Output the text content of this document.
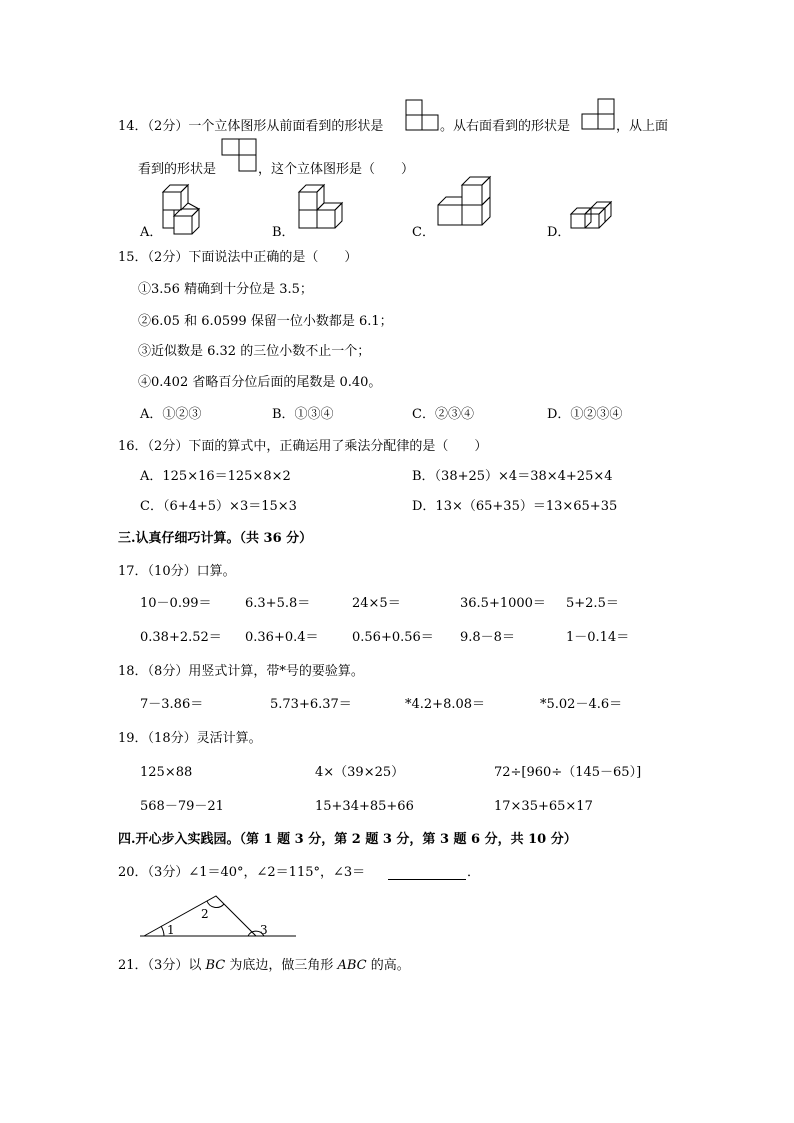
14．（2分）一个立体图形从前面看到的形状是	。从右面看到的形状是	，从上面
看到的形状是	，这个立体图形是（　　）
A．	B．	C．	D．
15．（2分）下面说法中正确的是（　　）
①3.56 精确到十分位是 3.5；
②6.05 和 6.0599 保留一位小数都是 6.1；
③近似数是 6.32 的三位小数不止一个；
④0.402 省略百分位后面的尾数是 0.40。
A．①②③	B．①③④	C．②③④	D．①②③④
16．（2分）下面的算式中，正确运用了乘法分配律的是（　　）
A．125×16＝125×8×2	B．（38+25）×4＝38×4+25×4
C．（6+4+5）×3＝15×3	D．13×（65+35）＝13×65+35
三.认真仔细巧计算。（共 36 分）
17．（10分）口算。
10－0.99＝	6.3+5.8＝	24×5＝	36.5+1000＝ 5+2.5＝
0.38+2.52＝ 0.36+0.4＝	0.56+0.56＝ 9.8－8＝	1－0.14＝
18．（8分）用竖式计算，带*号的要验算。
7－3.86＝	5.73+6.37＝	*4.2+8.08＝	*5.02－4.6＝
19．（18分）灵活计算。
125×88	4×（39×25）	72÷[960÷（145－65）]
568－79－21	15+34+85+66	17×35+65×17
四.开心步入实践园。（第 1 题 3 分，第 2 题 3 分，第 3 题 6 分，共 10 分）
20．（3分）∠1＝40°，∠2＝115°，∠3＝	．
1
2
3
21．（3分）以 BC 为底边，做三角形 ABC 的高。
